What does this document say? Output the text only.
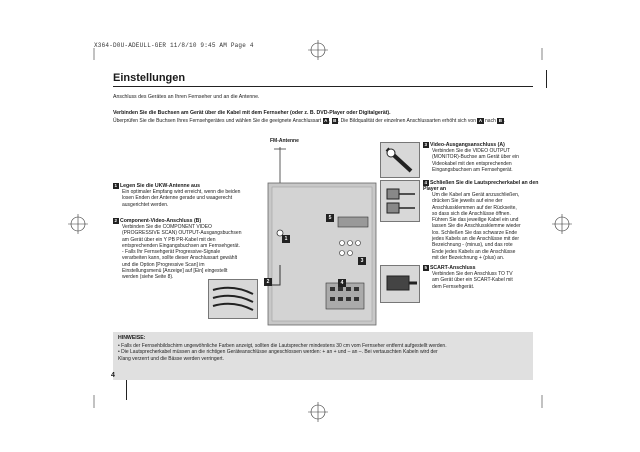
X364-D0U-ADEULL-GER 11/8/10 9:45 AM Page 4
Einstellungen
Anschluss des Gerätes an Ihren Fernseher und an die Antenne.
Verbinden Sie die Buchsen am Gerät über die Kabel mit dem Fernseher (oder z. B. DVD-Player oder Digitalgerät).
Überprüfen Sie die Buchsen Ihres Fernsehgerätes und wählen Sie die geeignete Anschlussart A , B . Die Bildqualität der einzelnen Anschlussarten erhöht sich von A nach B .
1 Legen Sie die UKW-Antenne aus
Ein optimaler Empfang wird erreicht, wenn die beiden
losen Enden der Antenne gerade und waagerecht
ausgerichtet werden.
2 Component-Video-Anschluss (B)
Verbinden Sie die COMPONENT VIDEO
(PROGRESSIVE SCAN) OUTPUT-Ausgangsbuchsen
am Gerät über ein Y PB PR-Kabel mit den
entsprechenden Eingangsbuchsen am Fernsehgerät.
- Falls Ihr Fernsehgerät Progressive-Signale
verarbeiten kann, sollte dieser Anschlussart gewählt
und die Option [Progressive Scan] im
Einstellungsmenü [Anzeige] auf [Ein] eingestellt
werden (siehe Seite 8).
FM-Antenne
1
5
3
4
2
3 Video-Ausgangsanschluss (A)
Verbinden Sie die VIDEO OUTPUT
(MONITOR)-Buchse am Gerät über ein
Videokabel mit den entsprechenden
Eingangsbuchsen am Fernsehgerät.
4 Schließen Sie die Lautsprecherkabel an den Player an
Um die Kabel am Gerät anzuschließen,
drücken Sie jeweils auf eine der
Anschlussklemmen auf der Rückseite,
so dass sich die Anschlüsse öffnen.
Führen Sie das jeweilige Kabel ein und
lassen Sie die Anschlussklemme wieder
los. Schließen Sie das schwarze Ende
jedes Kabels an die Anschlüsse mit der
Bezeichnung - (minus), und das rote
Ende jedes Kabels an die Anschlüsse
mit der Bezeichnung + (plus) an.
5 SCART-Anschluss
Verbinden Sie den Anschluss TO TV
am Gerät über ein SCART-Kabel mit
dem Fernsehgerät.
HINWEISE:
• Falls der Fernsehbildschirm ungewöhnliche Farben anzeigt, sollten die Lautsprecher mindestens 30 cm vom Fernseher entfernt aufgestellt werden.
• Die Lautsprecherkabel müssen an die richtigen Geräteanschlüsse angeschlossen werden: + an + und – an –. Bei vertauschten Kabeln wird der
Klang verzerrt und die Bässe werden verringert.
4
